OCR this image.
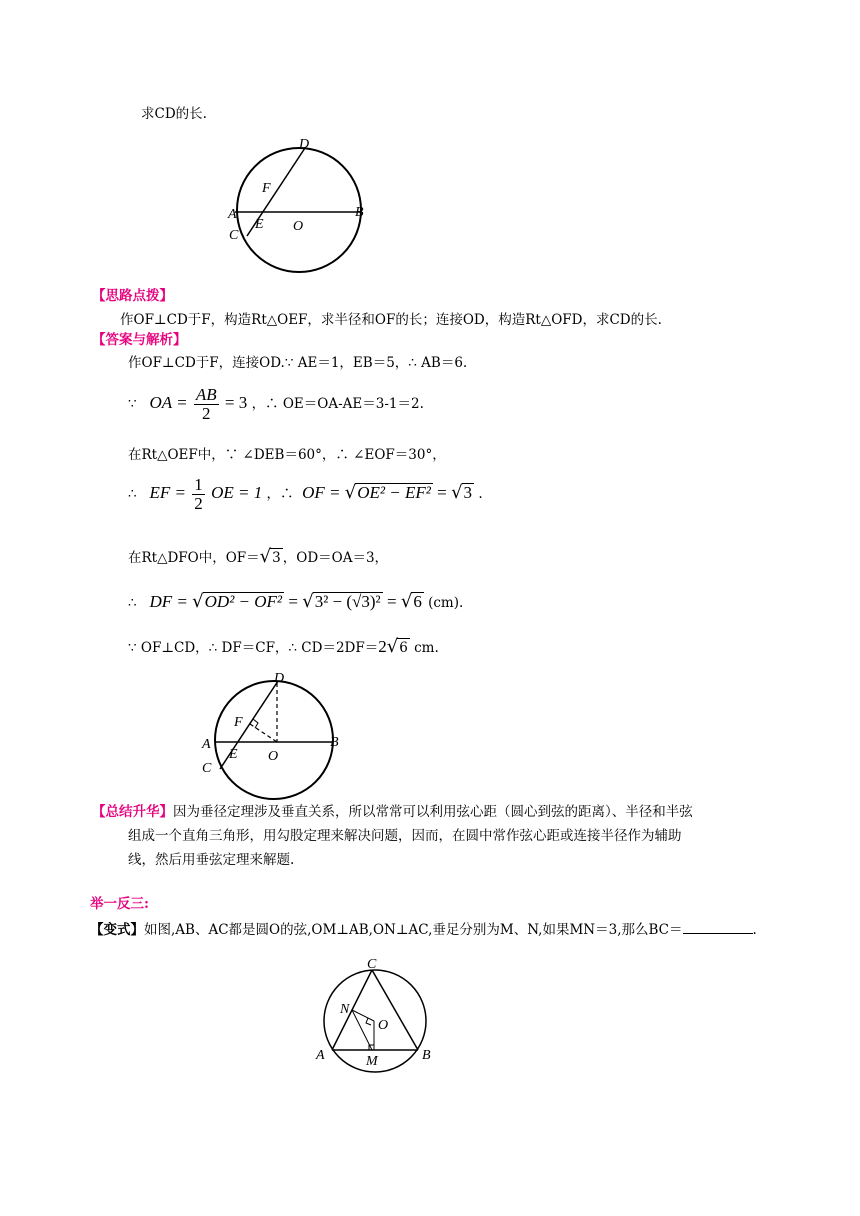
求CD的长.
D
F
A
E O
B
C
【思路点拨】
作OF⊥CD于F，构造Rt△OEF，求半径和OF的长；连接OD，构造Rt△OFD，求CD的长.
【答案与解析】
作OF⊥CD于F，连接OD.∵ AE＝1，EB＝5，∴ AB＝6.
∵ OA = $\frac{AB}{2} = 3$ ，∴ OE＝OA-AE＝3-1＝2.
在Rt△OEF中，∵ ∠DEB＝60°，∴ ∠EOF＝30°，
∴ EF = $\frac{1}{2}$ OE = 1 ，∴ OF = √OE² − EF² = √3 .
在Rt△DFO中，OF＝√3 ，OD＝OA＝3，
∴ DF = √OD² − OF² = √3² − (√3)² = √6 (cm).
∵ OF⊥CD，∴ DF＝CF，∴ CD＝2DF＝2√6 cm.
D
F
A
E O
B
C
【总结升华】因为垂径定理涉及垂直关系，所以常常可以利用弦心距（圆心到弦的距离）、半径和半弦
组成一个直角三角形，用勾股定理来解决问题，因而，在圆中常作弦心距或连接半径作为辅助
线，然后用垂弦定理来解题.
举一反三:
【变式】如图,AB、AC都是圆O的弦,OM⊥AB,ON⊥AC,垂足分别为M、N,如果MN＝3,那么BC＝	.
C
N
O
A	M	B
